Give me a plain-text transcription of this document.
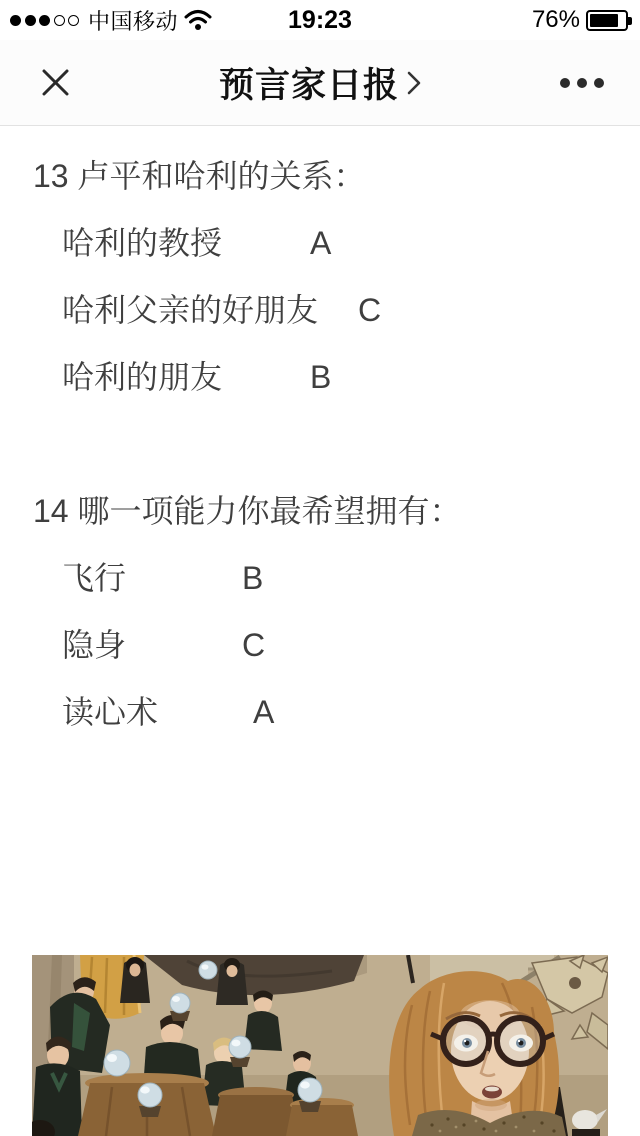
中国移动	19:23	76%
预言家日报

13 卢平和哈利的关系：

哈利的教授	A

哈利父亲的好朋友 C

哈利的朋友	B

14 哪一项能力你最希望拥有：

飞行	B

隐身	C

读心术	A
